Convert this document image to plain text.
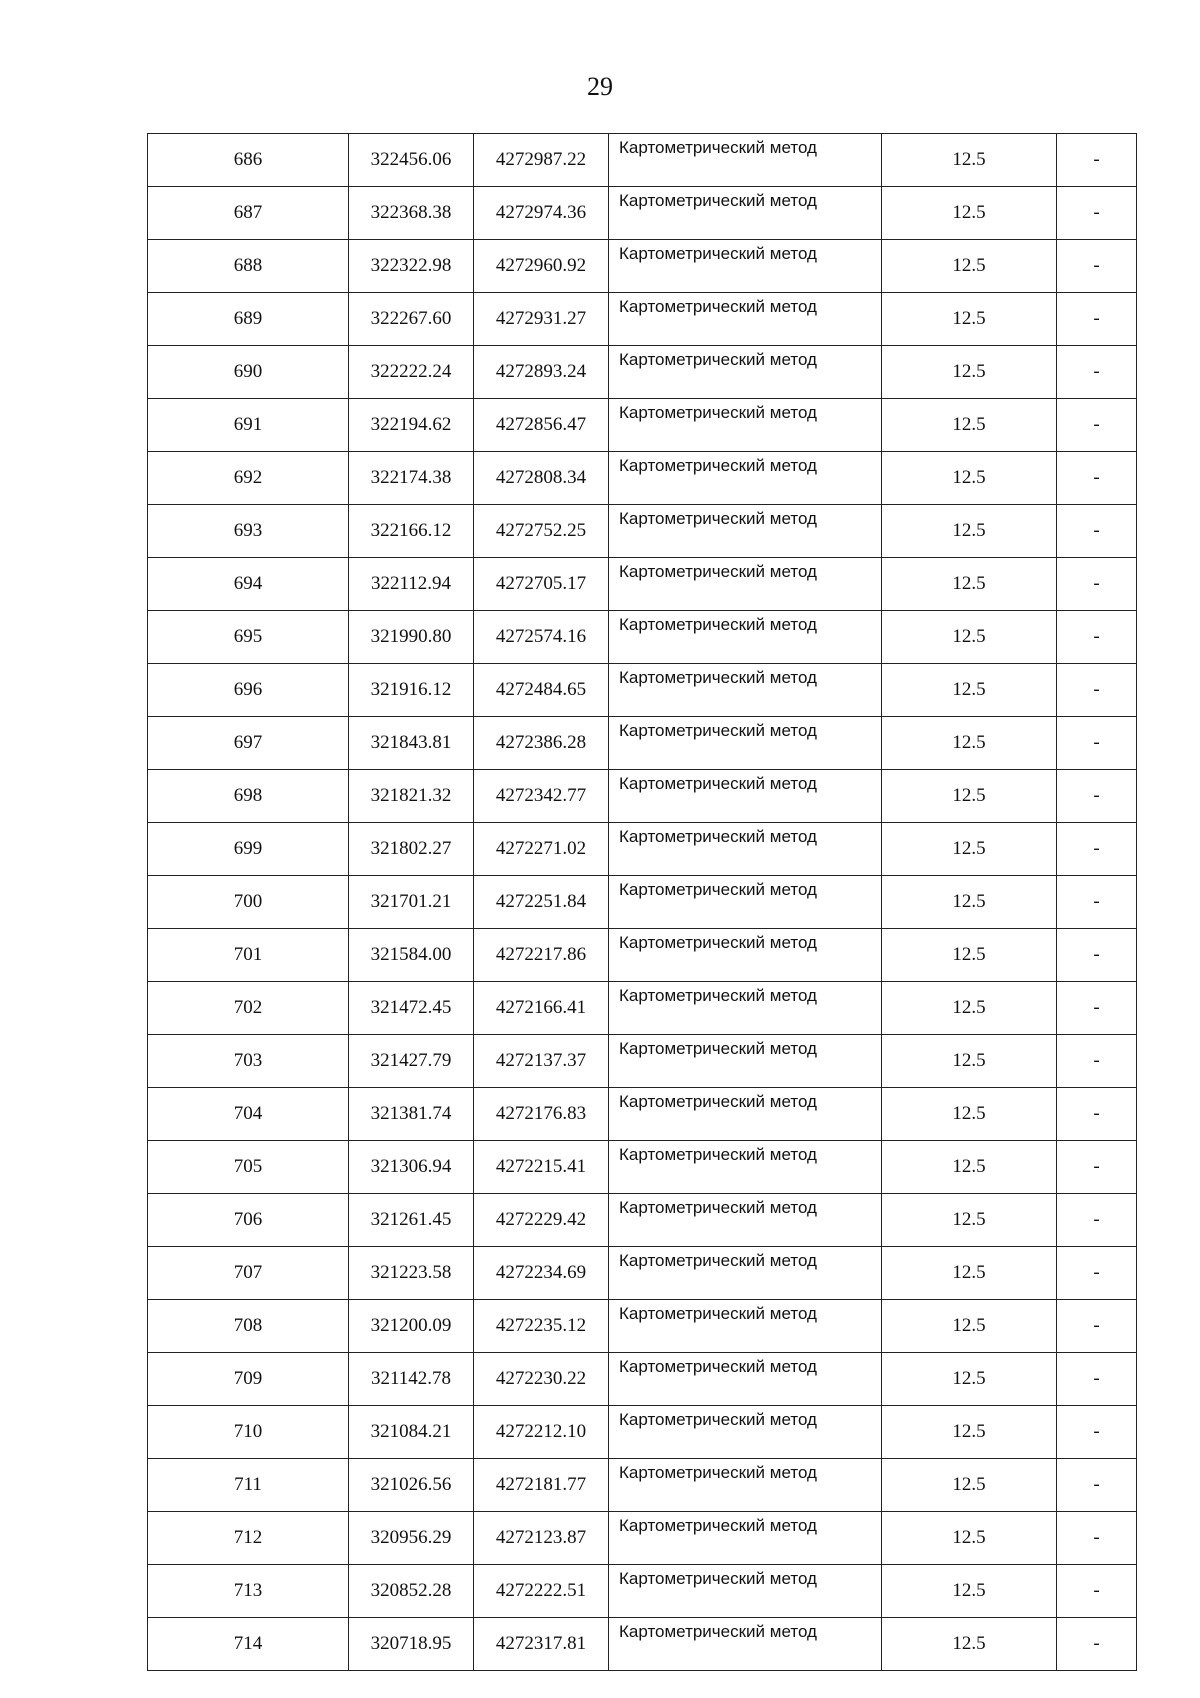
29
686	322456.06	4272987.22	Картометрический метод	12.5	-
687	322368.38	4272974.36	Картометрический метод	12.5	-
688	322322.98	4272960.92	Картометрический метод	12.5	-
689	322267.60	4272931.27	Картометрический метод	12.5	-
690	322222.24	4272893.24	Картометрический метод	12.5	-
691	322194.62	4272856.47	Картометрический метод	12.5	-
692	322174.38	4272808.34	Картометрический метод	12.5	-
693	322166.12	4272752.25	Картометрический метод	12.5	-
694	322112.94	4272705.17	Картометрический метод	12.5	-
695	321990.80	4272574.16	Картометрический метод	12.5	-
696	321916.12	4272484.65	Картометрический метод	12.5	-
697	321843.81	4272386.28	Картометрический метод	12.5	-
698	321821.32	4272342.77	Картометрический метод	12.5	-
699	321802.27	4272271.02	Картометрический метод	12.5	-
700	321701.21	4272251.84	Картометрический метод	12.5	-
701	321584.00	4272217.86	Картометрический метод	12.5	-
702	321472.45	4272166.41	Картометрический метод	12.5	-
703	321427.79	4272137.37	Картометрический метод	12.5	-
704	321381.74	4272176.83	Картометрический метод	12.5	-
705	321306.94	4272215.41	Картометрический метод	12.5	-
706	321261.45	4272229.42	Картометрический метод	12.5	-
707	321223.58	4272234.69	Картометрический метод	12.5	-
708	321200.09	4272235.12	Картометрический метод	12.5	-
709	321142.78	4272230.22	Картометрический метод	12.5	-
710	321084.21	4272212.10	Картометрический метод	12.5	-
711	321026.56	4272181.77	Картометрический метод	12.5	-
712	320956.29	4272123.87	Картометрический метод	12.5	-
713	320852.28	4272222.51	Картометрический метод	12.5	-
714	320718.95	4272317.81	Картометрический метод	12.5	-
